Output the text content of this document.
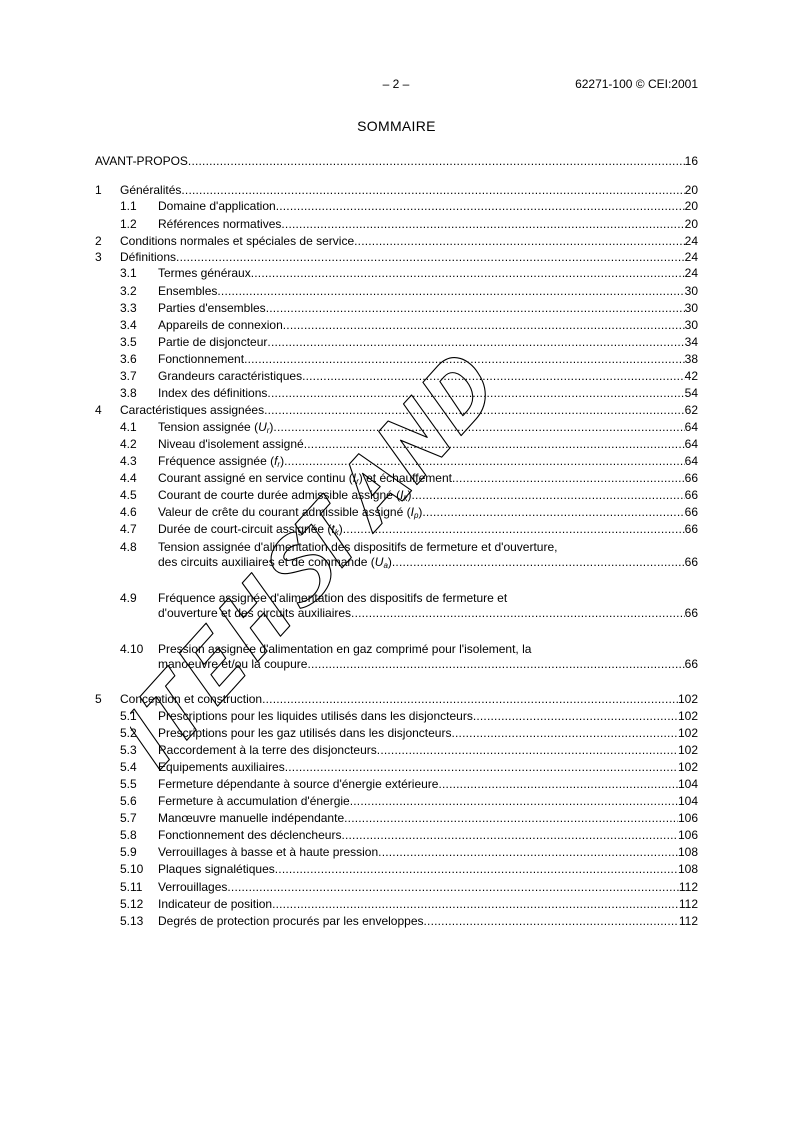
– 2 –	62271-100 © CEI:2001
SOMMAIRE
AVANT-PROPOS .....	16
1 Généralités .....	20
1.1 Domaine d'application .....	20
1.2 Références normatives .....	20
2 Conditions normales et spéciales de service .....	24
3 Définitions .....	24
3.1 Termes généraux .....	24
3.2 Ensembles .....	30
3.3 Parties d'ensembles .....	30
3.4 Appareils de connexion .....	30
3.5 Partie de disjoncteur .....	34
3.6 Fonctionnement .....	38
3.7 Grandeurs caractéristiques .....	42
3.8 Index des définitions .....	54
4 Caractéristiques assignées .....	62
4.1 Tension assignée $(U_r)$ .....	64
4.2 Niveau d'isolement assigné .....	64
4.3 Fréquence assignée $(f_r)$ .....	64
4.4 Courant assigné en service continu $(I_r)$ et échauffement .....	66
4.5 Courant de courte durée admissible assigné $(I_k)$ .....	66
4.6 Valeur de crête du courant admissible assigné $(I_p)$ .....	66
4.7 Durée de court-circuit assignée $(t_k)$ .....	66
4.8 Tension assignée d'alimentation des dispositifs de fermeture et d'ouverture,
des circuits auxiliaires et de commande $(U_a)$ .....	66
4.9 Fréquence assignée d'alimentation des dispositifs de fermeture et
d'ouverture et des circuits auxiliaires .....	66
4.10 Pression assignée d'alimentation en gaz comprimé pour l'isolement, la
manoeuvre et/ou la coupure .....	66
5 Conception et construction .....	102
5.1 Prescriptions pour les liquides utilisés dans les disjoncteurs .....	102
5.2 Prescriptions pour les gaz utilisés dans les disjoncteurs .....	102
5.3 Raccordement à la terre des disjoncteurs .....	102
5.4 Equipements auxiliaires .....	102
5.5 Fermeture dépendante à source d'énergie extérieure .....	104
5.6 Fermeture à accumulation d'énergie .....	104
5.7 Manœuvre manuelle indépendante .....	106
5.8 Fonctionnement des déclencheurs .....	106
5.9 Verrouillages à basse et à haute pression .....	108
5.10 Plaques signalétiques .....	108
5.11 Verrouillages .....	112
5.12 Indicateur de position .....	112
5.13 Degrés de protection procurés par les enveloppes .....	112
